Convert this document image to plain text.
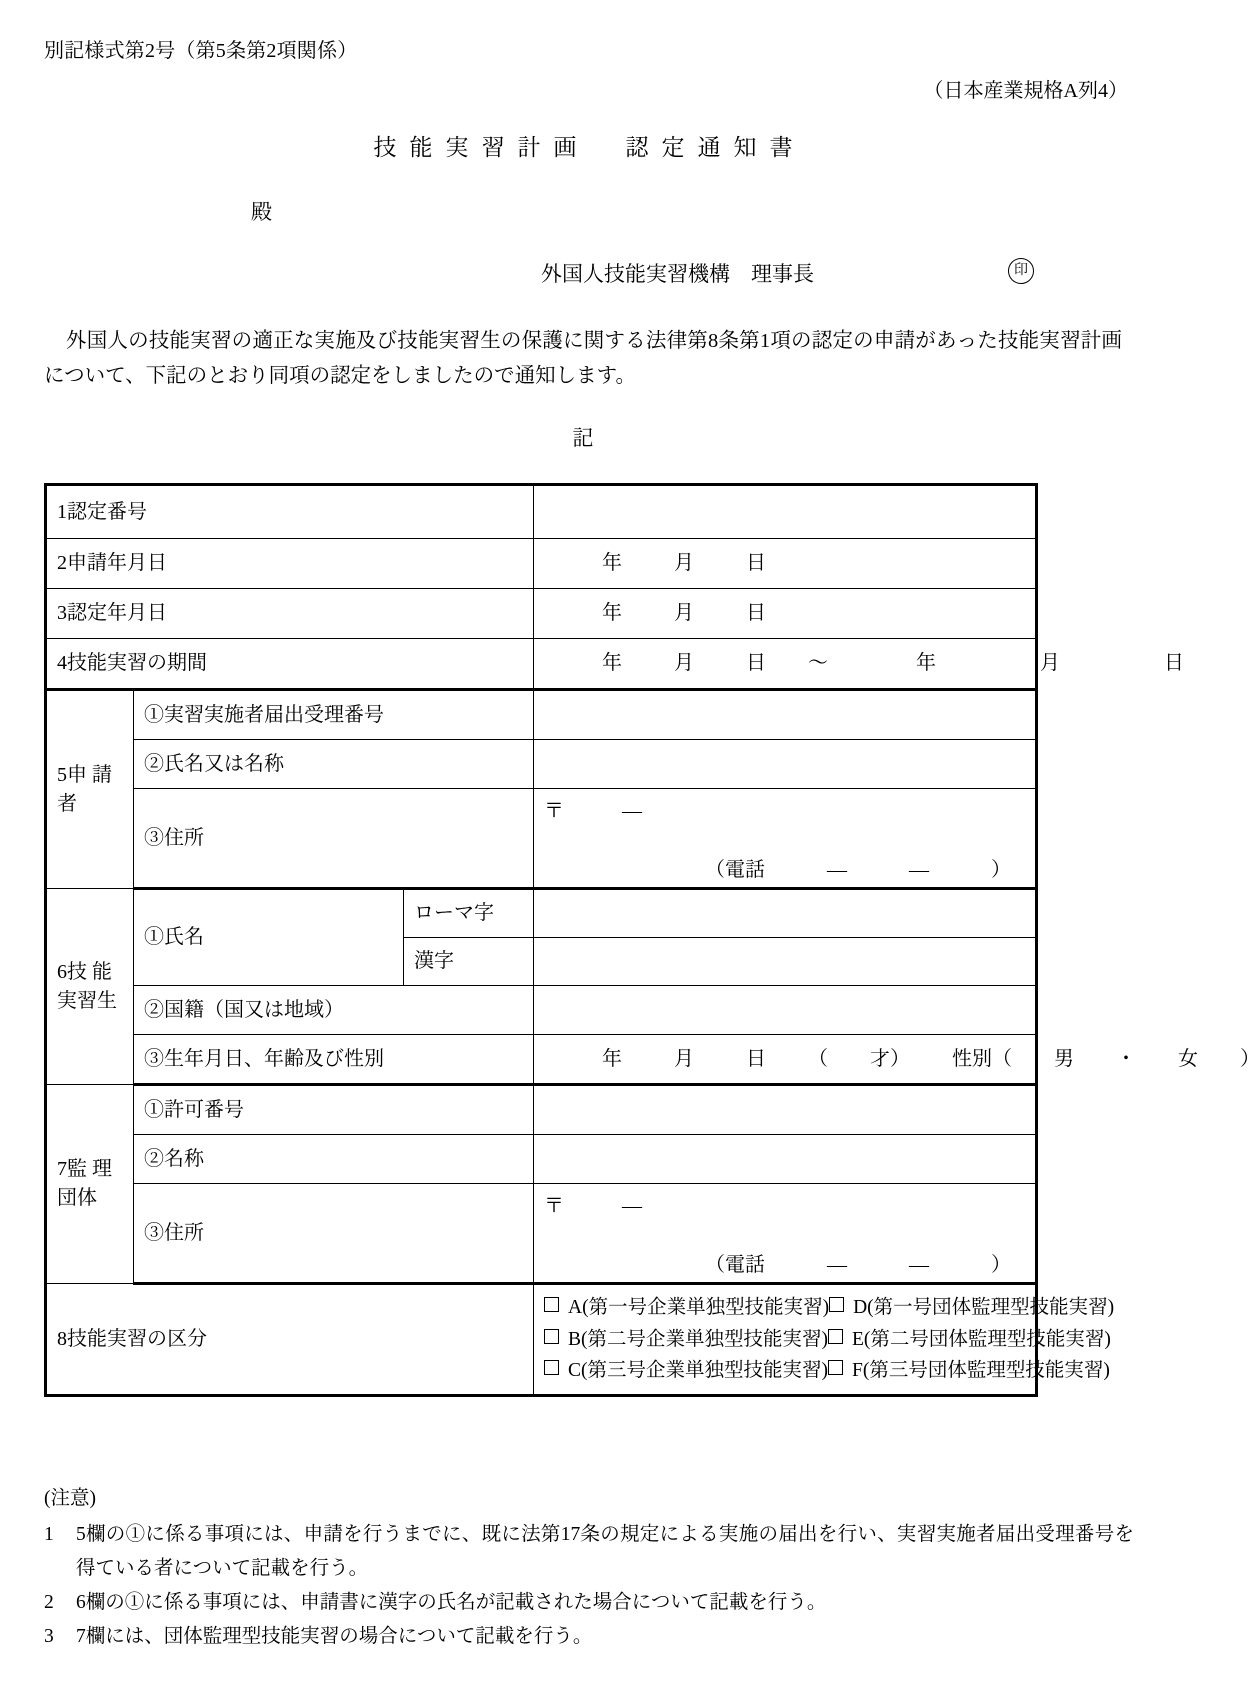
別記様式第2号（第5条第2項関係）
（日本産業規格A列4）
技能実習計画　認定通知書
殿
外国人技能実習機構　理事長	印
外国人の技能実習の適正な実施及び技能実習生の保護に関する法律第8条第1項の認定の申請があった技能実習計画について、下記のとおり同項の認定をしましたので通知します。
記
1認定番号			
2申請年月日			年 月 日
3認定年月日			年 月 日
4技能実習の期間			年 月 日 ～ 年 月 日
5申 請
者	①実習実施者届出受理番号		
	②氏名又は名称		
	③住所		〒 —
（電話 — — ）

6技 能
実習生	①氏名	ローマ字	
		漢字	
	②国籍（国又は地域）		
	③生年月日、年齢及び性別		年 月 日 （ 才） 性別（ 男 ・ 女 ）
7監 理
団体	①許可番号		
	②名称		
	③住所		〒 —
（電話 — — ）

8技能実習の区分			A(第一号企業単独型技能実習) D(第一号団体監理型技能実習)
B(第二号企業単独型技能実習) E(第二号団体監理型技能実習)
C(第三号企業単独型技能実習) F(第三号団体監理型技能実習)
(注意)
1	5欄の①に係る事項には、申請を行うまでに、既に法第17条の規定による実施の届出を行い、実習実施者届出受理番号を得ている者について記載を行う。
2	6欄の①に係る事項には、申請書に漢字の氏名が記載された場合について記載を行う。
3	7欄には、団体監理型技能実習の場合について記載を行う。
